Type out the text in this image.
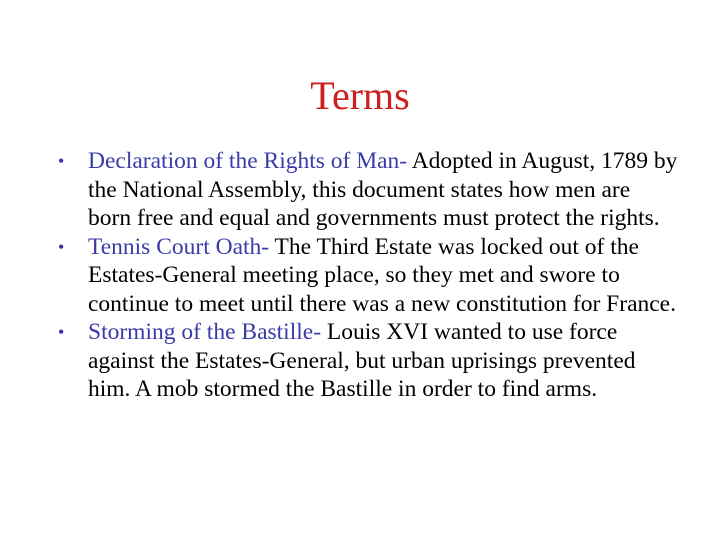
Terms
•	Declaration of the Rights of Man- Adopted in August, 1789 by the National Assembly, this document states how men are born free and equal and governments must protect the rights.
•	Tennis Court Oath- The Third Estate was locked out of the Estates-General meeting place, so they met and swore to continue to meet until there was a new constitution for France.
•	Storming of the Bastille- Louis XVI wanted to use force against the Estates-General, but urban uprisings prevented him. A mob stormed the Bastille in order to find arms.
